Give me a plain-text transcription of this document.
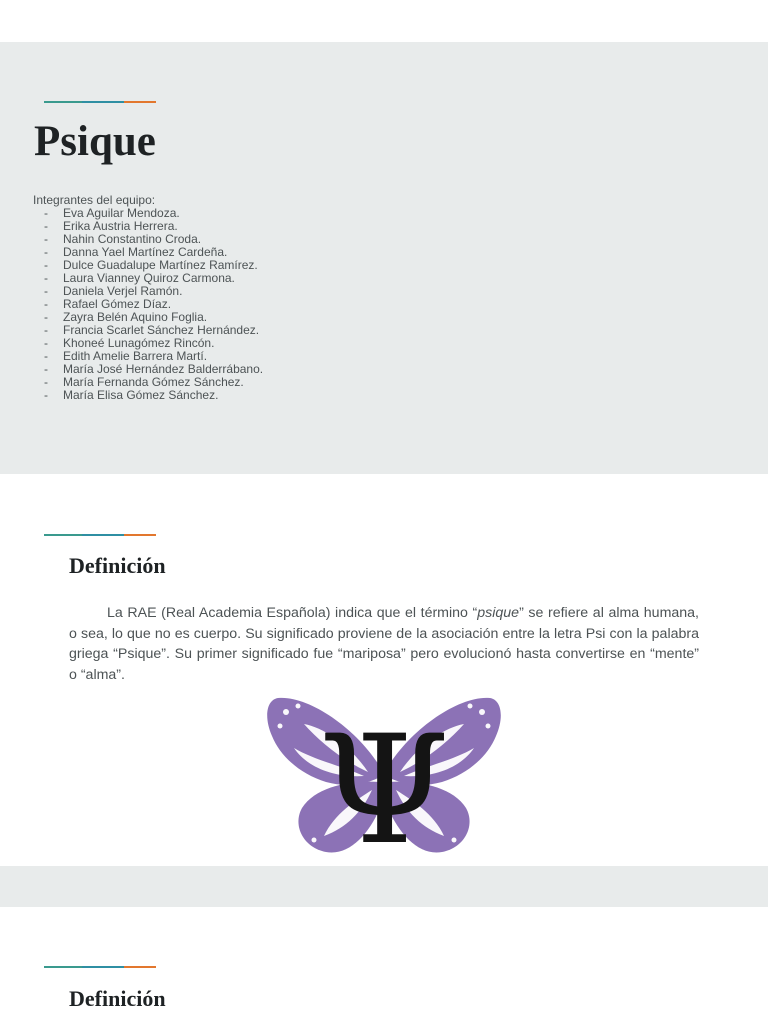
Psique

Integrantes del equipo:

- Eva Aguilar Mendoza.
- Erika Austria Herrera.
- Nahin Constantino Croda.
- Danna Yael Martínez Cardeña.
- Dulce Guadalupe Martínez Ramírez.
- Laura Vianney Quiroz Carmona.
- Daniela Verjel Ramón.
- Rafael Gómez Díaz.
- Zayra Belén Aquino Foglia.
- Francia Scarlet Sánchez Hernández.
- Khoneé Lunagómez Rincón.
- Edith Amelie Barrera Martí.
- María José Hernández Balderrábano.
- María Fernanda Gómez Sánchez.
- María Elisa Gómez Sánchez.
Definición

La RAE (Real Academia Española) indica que el término “psique” se refiere al alma humana, o sea, lo que no es cuerpo. Su significado proviene de la asociación entre la letra Psi con la palabra griega “Psique”. Su primer significado fue “mariposa” pero evolucionó hasta convertirse en “mente” o “alma”.

Ψ
Definición
